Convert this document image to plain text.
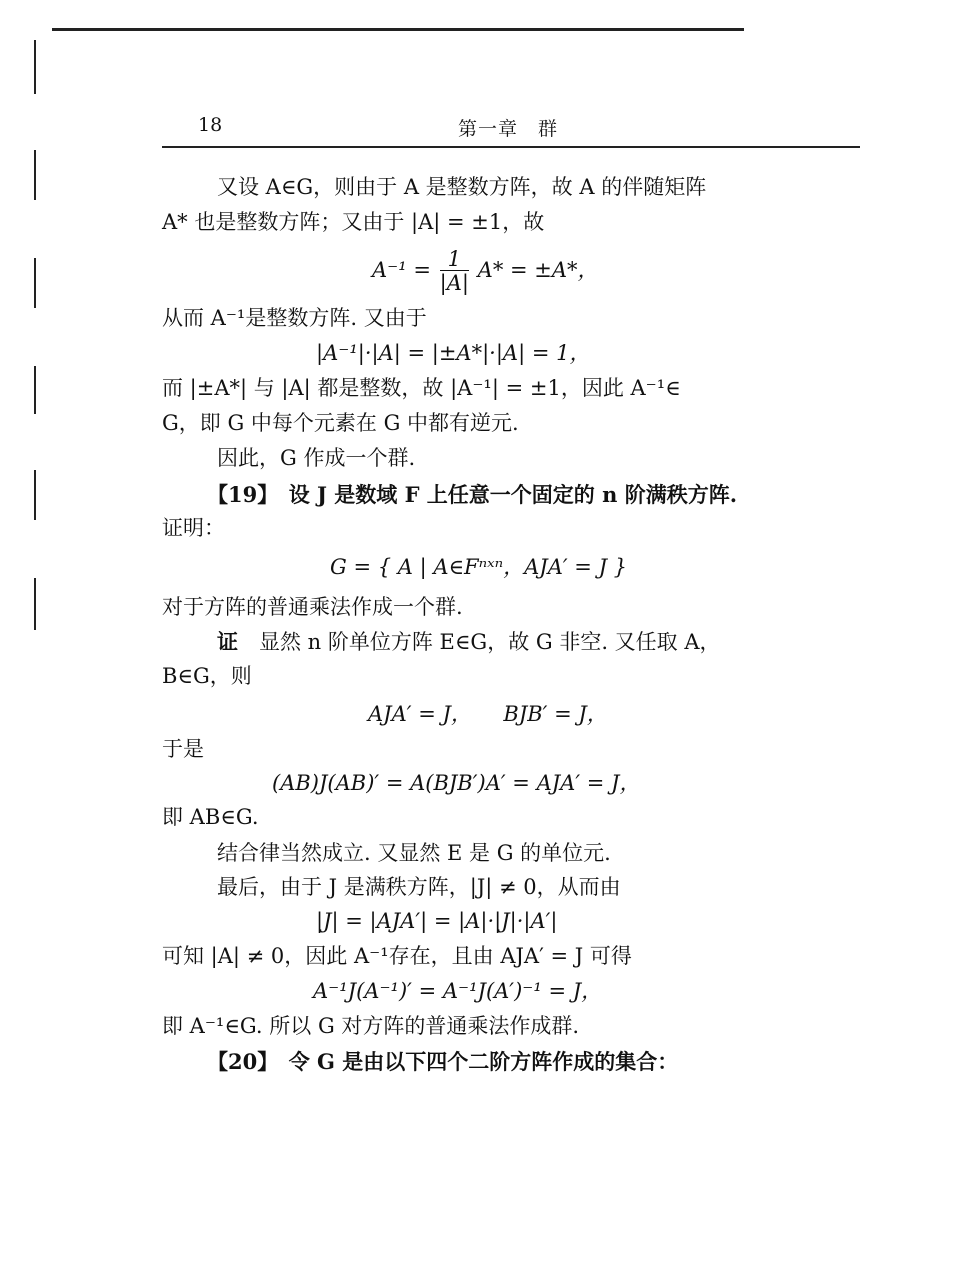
18	第一章　群
又设 A∈G，则由于 A 是整数方阵，故 A 的伴随矩阵
A* 也是整数方阵；又由于 |A| = ±1，故
$A^{-1} = \frac{1}{|A|} A* = \pm A*$，
从而 A⁻¹是整数方阵. 又由于
|A⁻¹|·|A| = |±A*|·|A| = 1，
而 |±A*| 与 |A| 都是整数，故 |A⁻¹| = ±1，因此 A⁻¹∈
G，即 G 中每个元素在 G 中都有逆元.
因此，G 作成一个群.
【19】　设 J 是数域 F 上任意一个固定的 n 阶满秩方阵.
证明：
G = { A | A∈Fⁿˣⁿ，AJA′ = J }
对于方阵的普通乘法作成一个群.
证　显然 n 阶单位方阵 E∈G，故 G 非空. 又任取 A，
B∈G，则
AJA′ = J，　　BJB′ = J，
于是
(AB)J(AB)′ = A(BJB′)A′ = AJA′ = J，
即 AB∈G.
结合律当然成立. 又显然 E 是 G 的单位元.
最后，由于 J 是满秩方阵，|J| ≠ 0，从而由
|J| = |AJA′| = |A|·|J|·|A′|
可知 |A| ≠ 0，因此 A⁻¹存在，且由 AJA′ = J 可得
A⁻¹J(A⁻¹)′ = A⁻¹J(A′)⁻¹ = J，
即 A⁻¹∈G. 所以 G 对方阵的普通乘法作成群.
【20】　令 G 是由以下四个二阶方阵作成的集合：
